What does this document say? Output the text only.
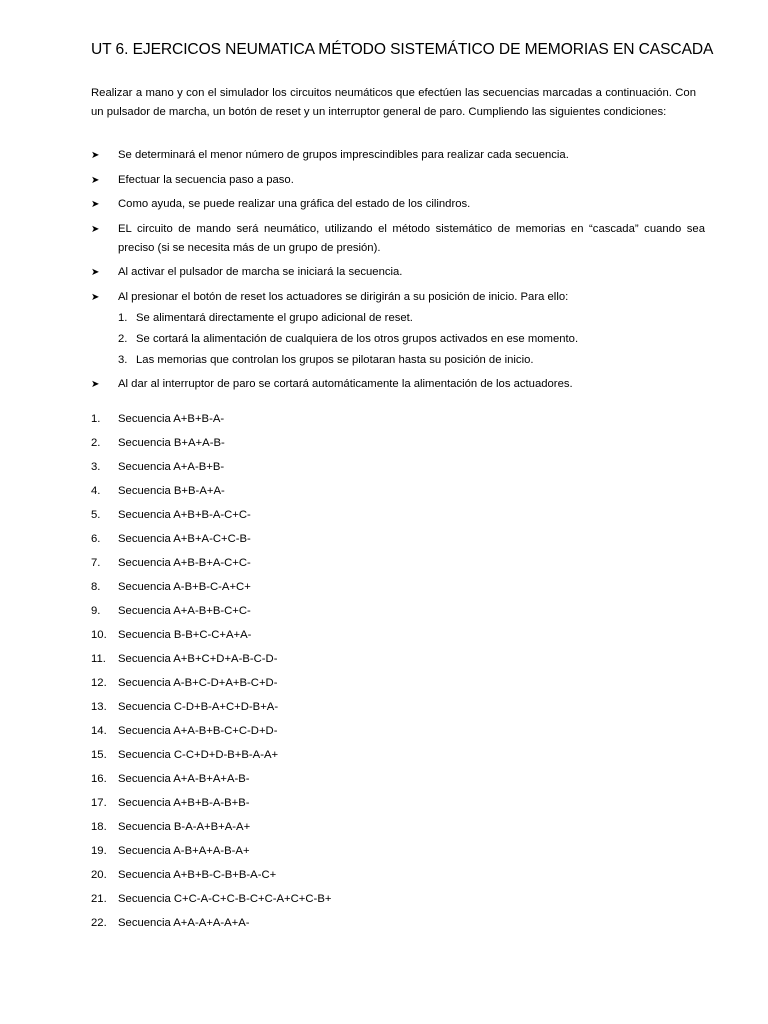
UT 6. EJERCICOS NEUMATICA MÉTODO SISTEMÁTICO DE MEMORIAS EN CASCADA
Realizar a mano y con el simulador los circuitos neumáticos que efectúen las secuencias marcadas a continuación. Con un pulsador de marcha, un botón de reset y un interruptor general de paro. Cumpliendo las siguientes condiciones:
➤ Se determinará el menor número de grupos imprescindibles para realizar cada secuencia.
➤ Efectuar la secuencia paso a paso.
➤ Como ayuda, se puede realizar una gráfica del estado de los cilindros.
➤ EL circuito de mando será neumático, utilizando el método sistemático de memorias en “cascada” cuando sea preciso (si se necesita más de un grupo de presión).
➤ Al activar el pulsador de marcha se iniciará la secuencia.
➤ Al presionar el botón de reset los actuadores se dirigirán a su posición de inicio. Para ello:
1. Se alimentará directamente el grupo adicional de reset.
2. Se cortará la alimentación de cualquiera de los otros grupos activados en ese momento.
3. Las memorias que controlan los grupos se pilotaran hasta su posición de inicio.
➤ Al dar al interruptor de paro se cortará automáticamente la alimentación de los actuadores.
1. Secuencia A+B+B-A-
2. Secuencia B+A+A-B-
3. Secuencia A+A-B+B-
4. Secuencia B+B-A+A-
5. Secuencia A+B+B-A-C+C-
6. Secuencia A+B+A-C+C-B-
7. Secuencia A+B-B+A-C+C-
8. Secuencia A-B+B-C-A+C+
9. Secuencia A+A-B+B-C+C-
10. Secuencia B-B+C-C+A+A-
11. Secuencia A+B+C+D+A-B-C-D-
12. Secuencia A-B+C-D+A+B-C+D-
13. Secuencia C-D+B-A+C+D-B+A-
14. Secuencia A+A-B+B-C+C-D+D-
15. Secuencia C-C+D+D-B+B-A-A+
16. Secuencia A+A-B+A+A-B-
17. Secuencia A+B+B-A-B+B-
18. Secuencia B-A-A+B+A-A+
19. Secuencia A-B+A+A-B-A+
20. Secuencia A+B+B-C-B+B-A-C+
21. Secuencia C+C-A-C+C-B-C+C-A+C+C-B+
22. Secuencia A+A-A+A-A+A-
